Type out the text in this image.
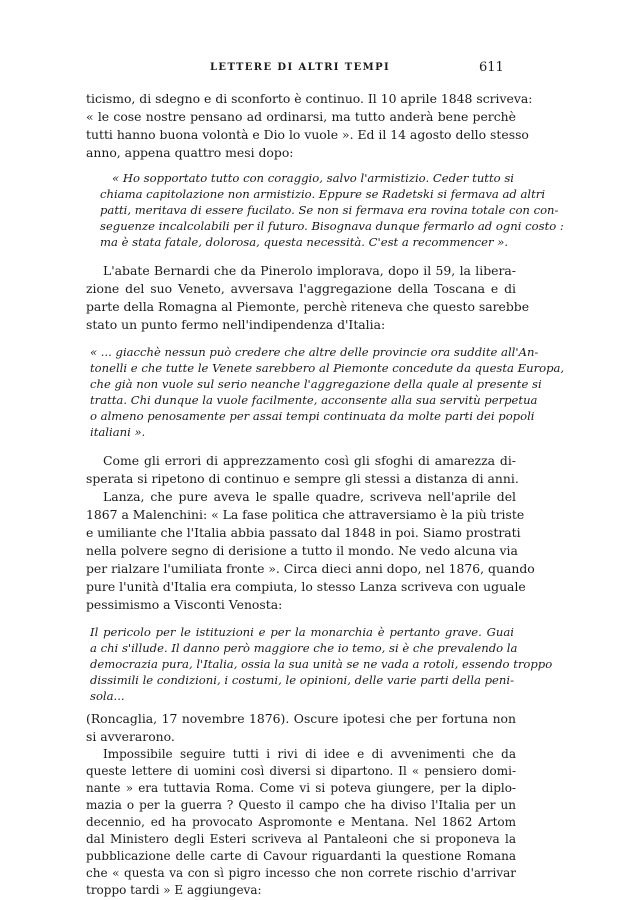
LETTERE DI ALTRI TEMPI	611
ticismo, di sdegno e di sconforto è continuo. Il 10 aprile 1848 scriveva:
« le cose nostre pensano ad ordinarsi, ma tutto anderà bene perchè
tutti hanno buona volontà e Dio lo vuole ». Ed il 14 agosto dello stesso
anno, appena quattro mesi dopo:
« Ho sopportato tutto con coraggio, salvo l'armistizio. Ceder tutto si
chiama capitolazione non armistizio. Eppure se Radetski si fermava ad altri
patti, meritava di essere fucilato. Se non si fermava era rovina totale con con-
seguenze incalcolabili per il futuro. Bisognava dunque fermarlo ad ogni costo :
ma è stata fatale, dolorosa, questa necessità. C'est a recommencer ».
L'abate Bernardi che da Pinerolo implorava, dopo il 59, la libera-
zione del suo Veneto, avversava l'aggregazione della Toscana e di
parte della Romagna al Piemonte, perchè riteneva che questo sarebbe
stato un punto fermo nell'indipendenza d'Italia:
« ... giacchè nessun può credere che altre delle provincie ora suddite all'An-
tonelli e che tutte le Venete sarebbero al Piemonte concedute da questa Europa,
che già non vuole sul serio neanche l'aggregazione della quale al presente si
tratta. Chi dunque la vuole facilmente, acconsente alla sua servitù perpetua
o almeno penosamente per assai tempi continuata da molte parti dei popoli
italiani ».
Come gli errori di apprezzamento così gli sfoghi di amarezza di-
sperata si ripetono di continuo e sempre gli stessi a distanza di anni.
Lanza, che pure aveva le spalle quadre, scriveva nell'aprile del
1867 a Malenchini: « La fase politica che attraversiamo è la più triste
e umiliante che l'Italia abbia passato dal 1848 in poi. Siamo prostrati
nella polvere segno di derisione a tutto il mondo. Ne vedo alcuna via
per rialzare l'umiliata fronte ». Circa dieci anni dopo, nel 1876, quando
pure l'unità d'Italia era compiuta, lo stesso Lanza scriveva con uguale
pessimismo a Visconti Venosta:
Il pericolo per le istituzioni e per la monarchia è pertanto grave. Guai
a chi s'illude. Il danno però maggiore che io temo, si è che prevalendo la
democrazia pura, l'Italia, ossia la sua unità se ne vada a rotoli, essendo troppo
dissimili le condizioni, i costumi, le opinioni, delle varie parti della peni-
sola...
(Roncaglia, 17 novembre 1876). Oscure ipotesi che per fortuna non
si avverarono.
Impossibile seguire tutti i rivi di idee e di avvenimenti che da
queste lettere di uomini così diversi si dipartono. Il « pensiero domi-
nante » era tuttavia Roma. Come vi si poteva giungere, per la diplo-
mazia o per la guerra ? Questo il campo che ha diviso l'Italia per un
decennio, ed ha provocato Aspromonte e Mentana. Nel 1862 Artom
dal Ministero degli Esteri scriveva al Pantaleoni che si proponeva la
pubblicazione delle carte di Cavour riguardanti la questione Romana
che « questa va con sì pigro incesso che non correte rischio d'arrivar
troppo tardi » E aggiungeva:
